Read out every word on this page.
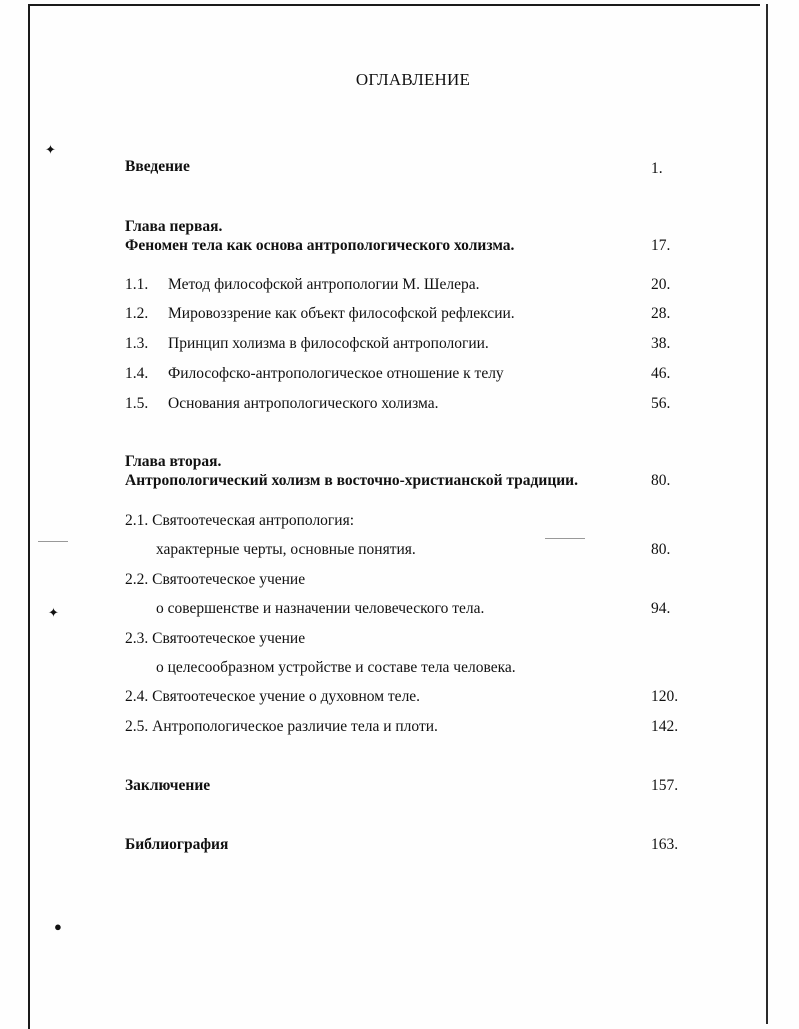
✦
✦
●
ОГЛАВЛЕНИЕ
Введение	1.
Глава первая.
Феномен тела как основа антропологического холизма.	17.
1.1. Метод философской антропологии М. Шелера.	20.
1.2. Мировоззрение как объект философской рефлексии.	28.
1.3. Принцип холизма в философской антропологии.	38.
1.4. Философско-антропологическое отношение к телу	46.
1.5. Основания антропологического холизма.	56.
Глава вторая.
Антропологический холизм в восточно-христианской традиции.	80.
2.1. Святоотеческая антропология:
характерные черты, основные понятия.	80.
2.2. Святоотеческое учение
о совершенстве и назначении человеческого тела.	94.
2.3. Святоотеческое учение
о целесообразном устройстве и составе тела человека.
2.4. Святоотеческое учение о духовном теле.	120.
2.5. Антропологическое различие тела и плоти.	142.
Заключение	157.
Библиография	163.
